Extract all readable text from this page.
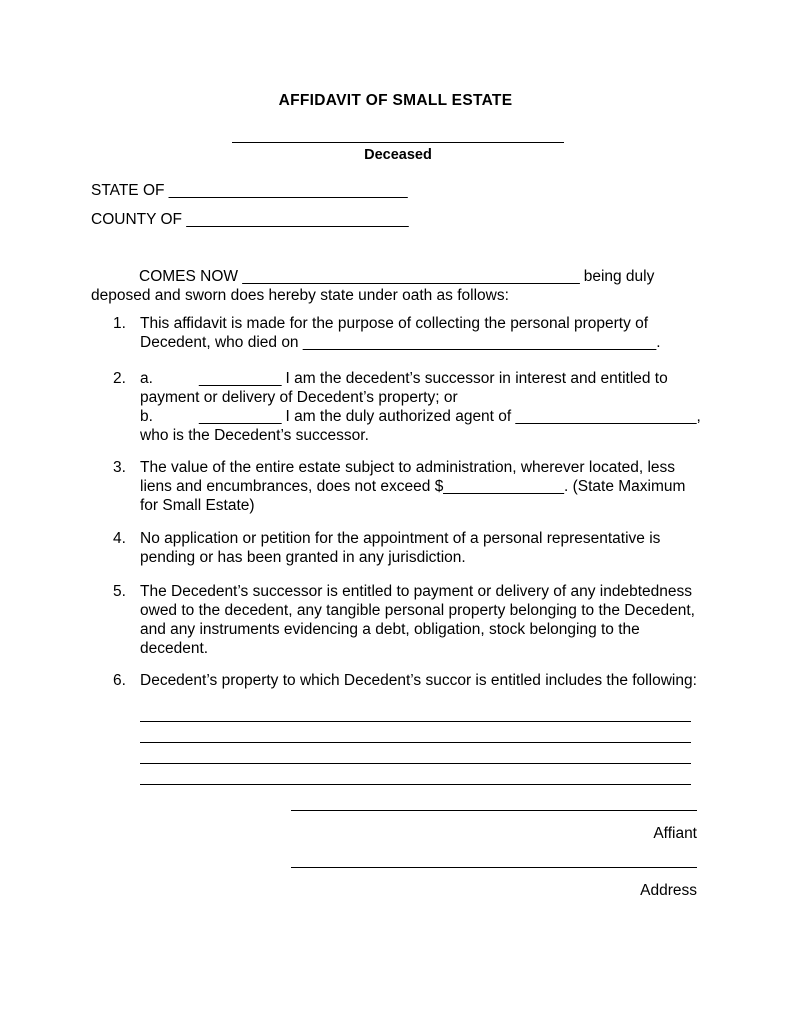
AFFIDAVIT OF SMALL ESTATE
Deceased
STATE OF _____________________________
COUNTY OF ___________________________
COMES NOW _________________________________________ being duly deposed and sworn does hereby state under oath as follows:
1. This affidavit is made for the purpose of collecting the personal property of Decedent, who died on _________________________________________.
2. a.	__________ I am the decedent’s successor in interest and entitled to payment or delivery of Decedent’s property; or
b.	__________ I am the duly authorized agent of _____________________, who is the Decedent’s successor.
3. The value of the entire estate subject to administration, wherever located, less liens and encumbrances, does not exceed $______________. (State Maximum for Small Estate)
4. No application or petition for the appointment of a personal representative is pending or has been granted in any jurisdiction.
5. The Decedent’s successor is entitled to payment or delivery of any indebtedness owed to the decedent, any tangible personal property belonging to the Decedent, and any instruments evidencing a debt, obligation, stock belonging to the decedent.
6. Decedent’s property to which Decedent’s succor is entitled includes the following:
Affiant
Address
